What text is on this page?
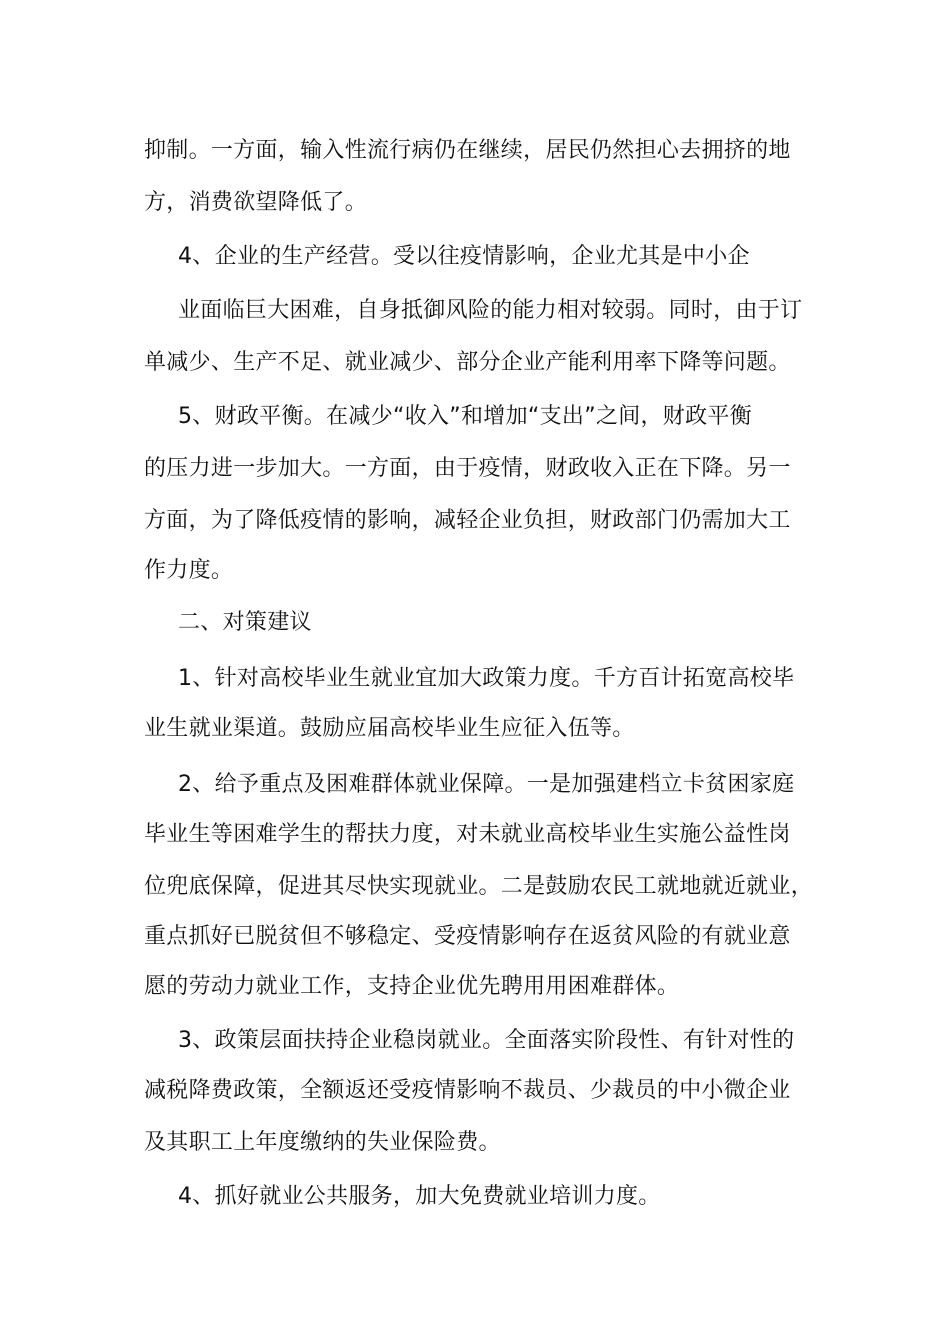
抑制。一方面，输入性流行病仍在继续，居民仍然担心去拥挤的地
方，消费欲望降低了。
4、企业的生产经营。受以往疫情影响，企业尤其是中小企
业面临巨大困难，自身抵御风险的能力相对较弱。同时，由于订
单减少、生产不足、就业减少、部分企业产能利用率下降等问题。
5、财政平衡。在减少“收入”和增加“支出”之间，财政平衡
的压力进一步加大。一方面，由于疫情，财政收入正在下降。另一
方面，为了降低疫情的影响，减轻企业负担，财政部门仍需加大工
作力度。
二、对策建议
1、针对高校毕业生就业宜加大政策力度。千方百计拓宽高校毕
业生就业渠道。鼓励应届高校毕业生应征入伍等。
2、给予重点及困难群体就业保障。一是加强建档立卡贫困家庭
毕业生等困难学生的帮扶力度，对未就业高校毕业生实施公益性岗
位兜底保障，促进其尽快实现就业。二是鼓励农民工就地就近就业，
重点抓好已脱贫但不够稳定、受疫情影响存在返贫风险的有就业意
愿的劳动力就业工作，支持企业优先聘用用困难群体。
3、政策层面扶持企业稳岗就业。全面落实阶段性、有针对性的
减税降费政策，全额返还受疫情影响不裁员、少裁员的中小微企业
及其职工上年度缴纳的失业保险费。
4、抓好就业公共服务，加大免费就业培训力度。
